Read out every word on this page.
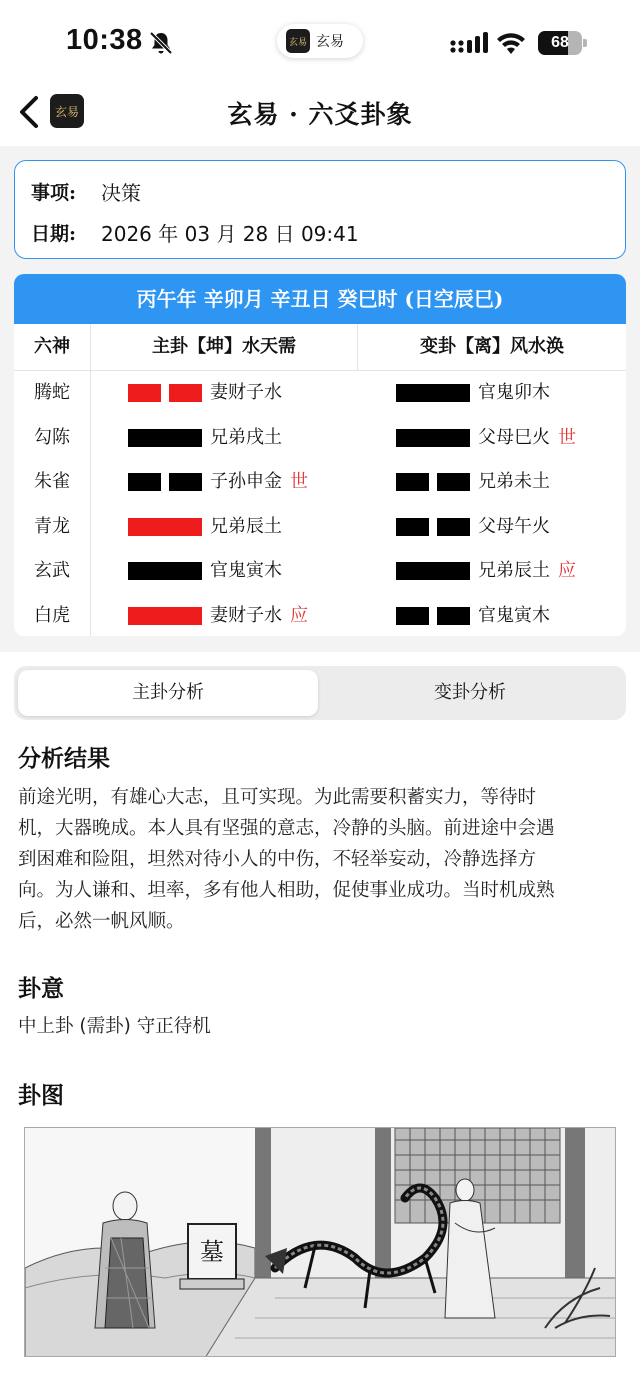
10:38	玄易 玄易	68
玄易	玄易 · 六爻卦象
事项:	决策
日期:	2026 年 03 月 28 日 09:41
丙午年 辛卯月 辛丑日 癸巳时 (日空辰巳)
六神	主卦【坤】水天需	变卦【离】风水涣
腾蛇	妻财子水	官鬼卯木
勾陈	兄弟戌土	父母巳火 世
朱雀	子孙申金 世	兄弟未土
青龙	兄弟辰土	父母午火
玄武	官鬼寅木	兄弟辰土 应
白虎	妻财子水 应	官鬼寅木
主卦分析	变卦分析
分析结果
前途光明，有雄心大志，且可实现。为此需要积蓄实力，等待时
机，大器晚成。本人具有坚强的意志，冷静的头脑。前进途中会遇
到困难和险阻，坦然对待小人的中伤，不轻举妄动，冷静选择方
向。为人谦和、坦率，多有他人相助，促使事业成功。当时机成熟
后，必然一帆风顺。
卦意
中上卦 (需卦) 守正待机
卦图
墓
